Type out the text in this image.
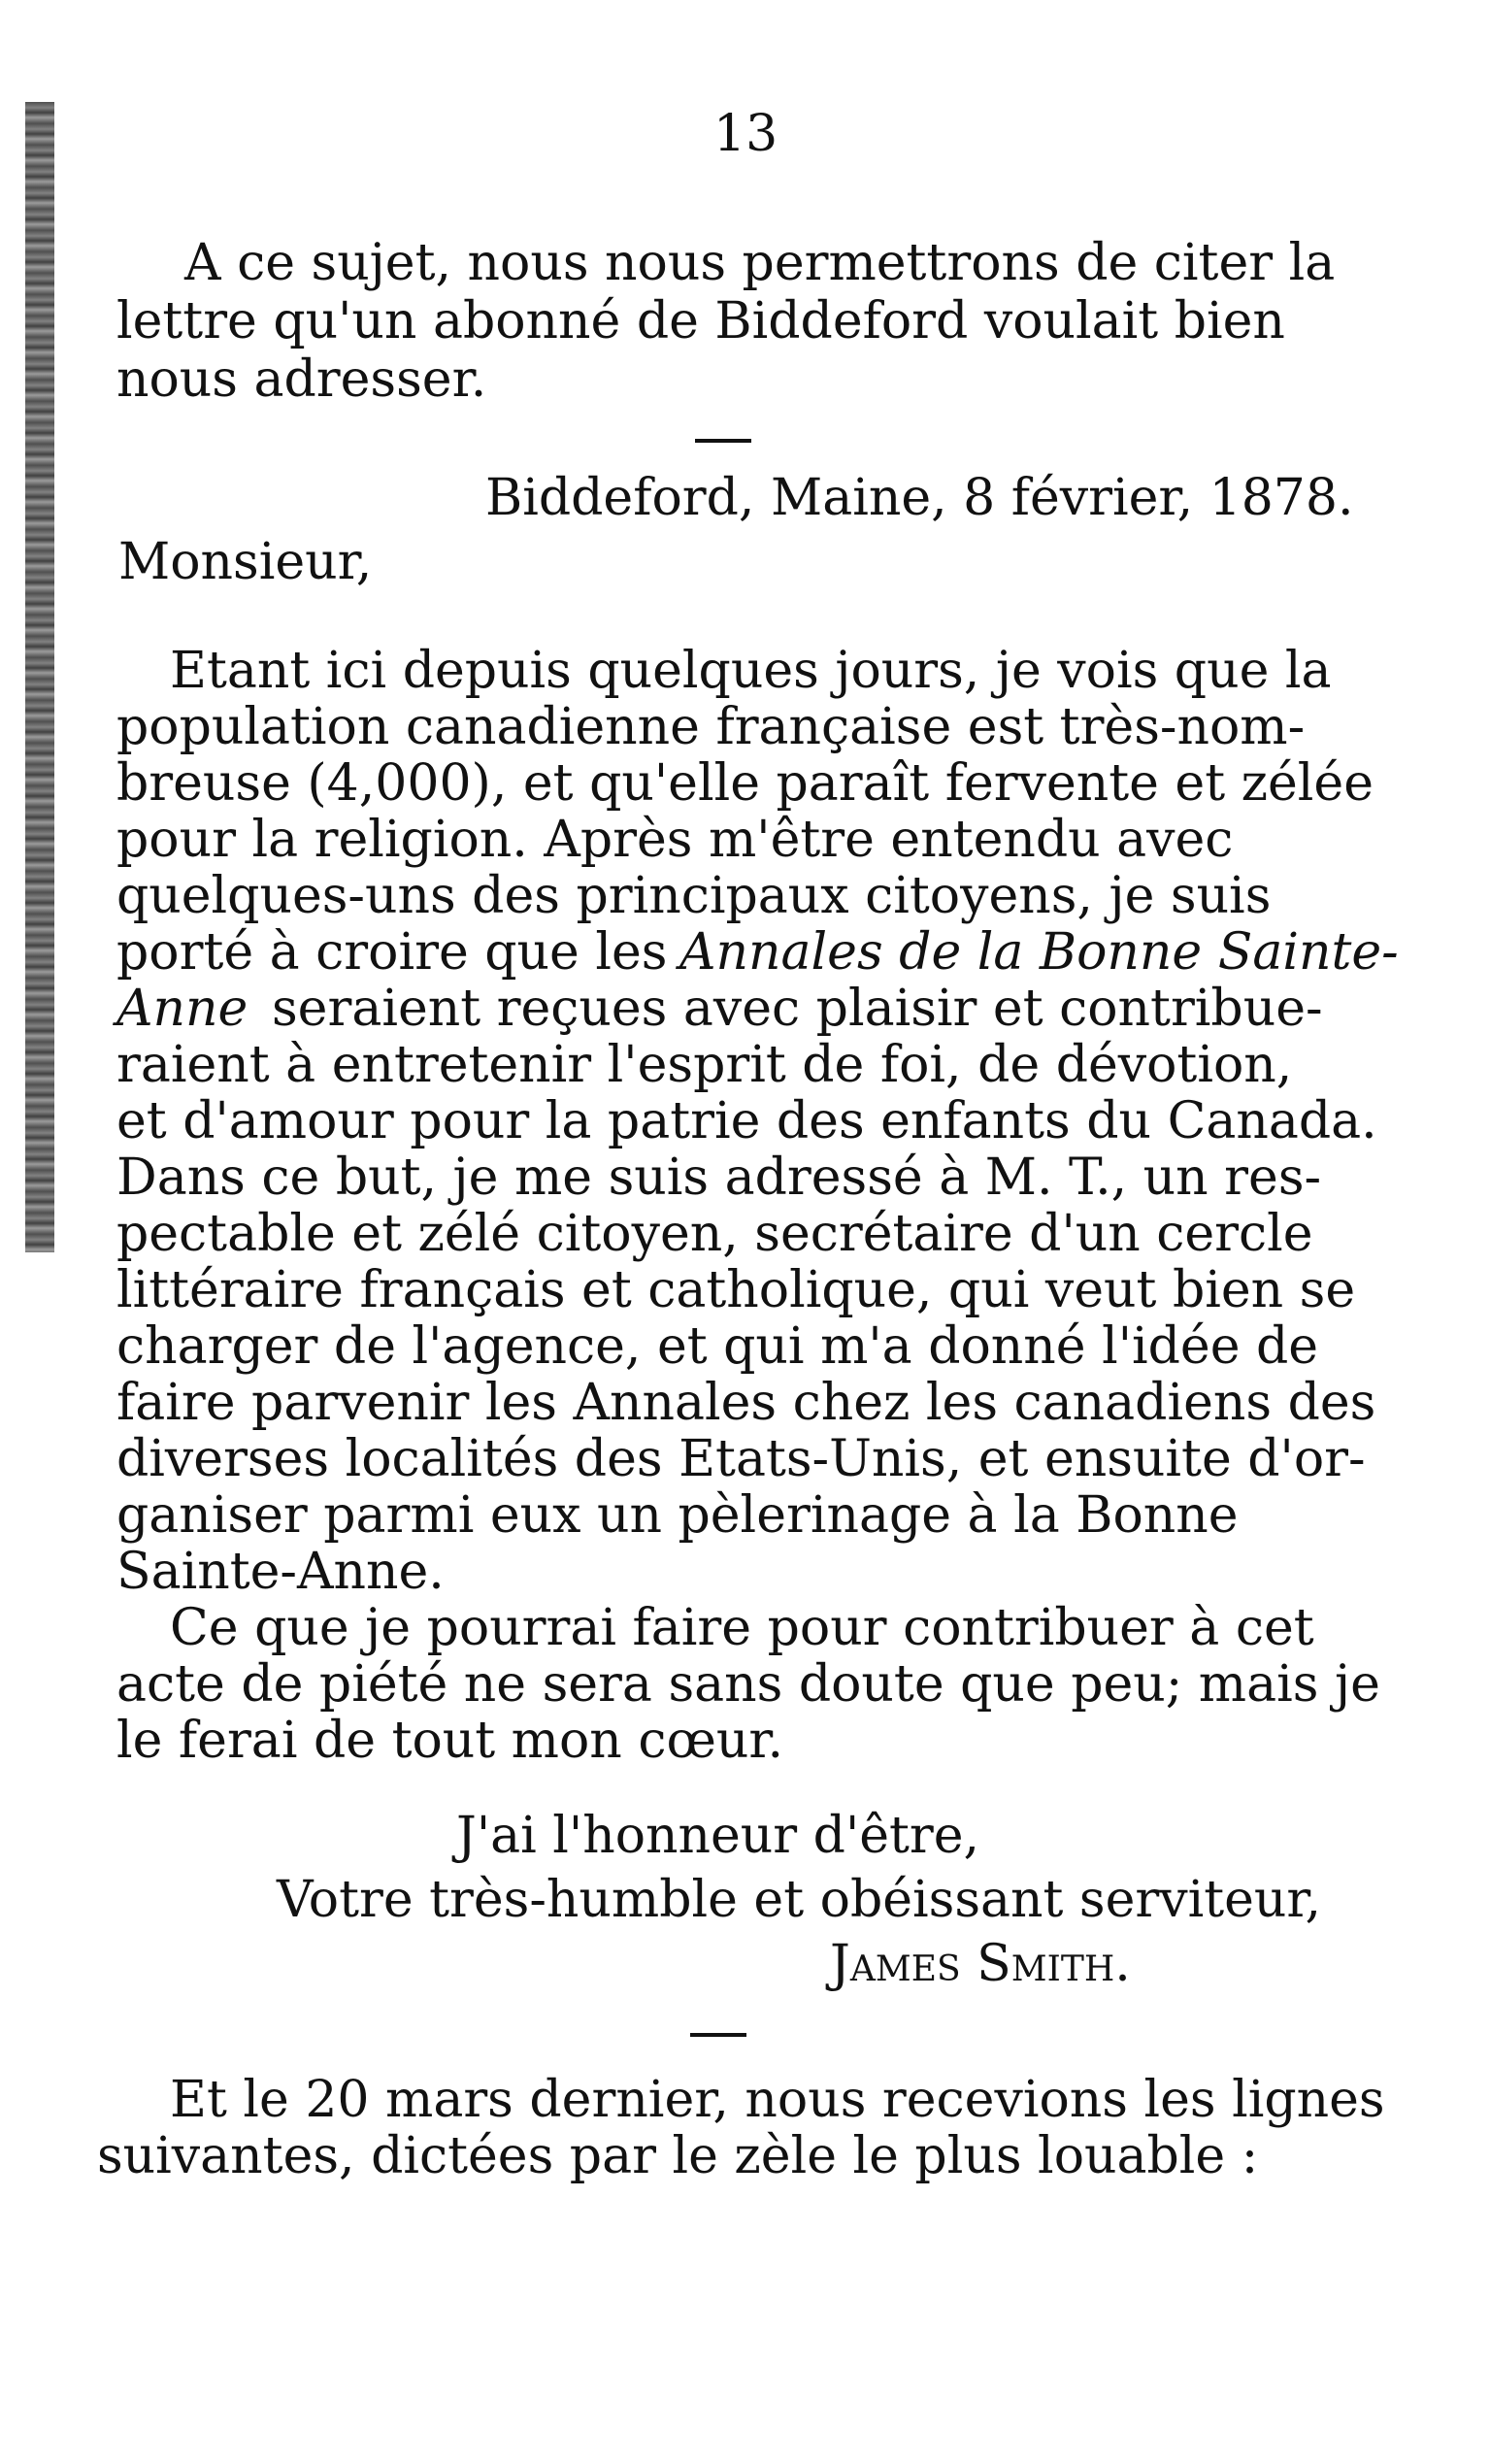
13
A ce sujet, nous nous permettrons de citer la
lettre qu'un abonné de Biddeford voulait bien
nous adresser.
Biddeford, Maine, 8 février, 1878.
Monsieur,
Etant ici depuis quelques jours, je vois que la
population canadienne française est très-nom-
breuse (4,000), et qu'elle paraît fervente et zélée
pour la religion. Après m'être entendu avec
quelques-uns des principaux citoyens, je suis
porté à croire que les Annales de la Bonne Sainte-
Anne seraient reçues avec plaisir et contribue-
raient à entretenir l'esprit de foi, de dévotion,
et d'amour pour la patrie des enfants du Canada.
Dans ce but, je me suis adressé à M. T., un res-
pectable et zélé citoyen, secrétaire d'un cercle
littéraire français et catholique, qui veut bien se
charger de l'agence, et qui m'a donné l'idée de
faire parvenir les Annales chez les canadiens des
diverses localités des Etats-Unis, et ensuite d'or-
ganiser parmi eux un pèlerinage à la Bonne
Sainte-Anne.
Ce que je pourrai faire pour contribuer à cet
acte de piété ne sera sans doute que peu; mais je
le ferai de tout mon cœur.
J'ai l'honneur d'être,
Votre très-humble et obéissant serviteur,
James Smith.
Et le 20 mars dernier, nous recevions les lignes
suivantes, dictées par le zèle le plus louable :
